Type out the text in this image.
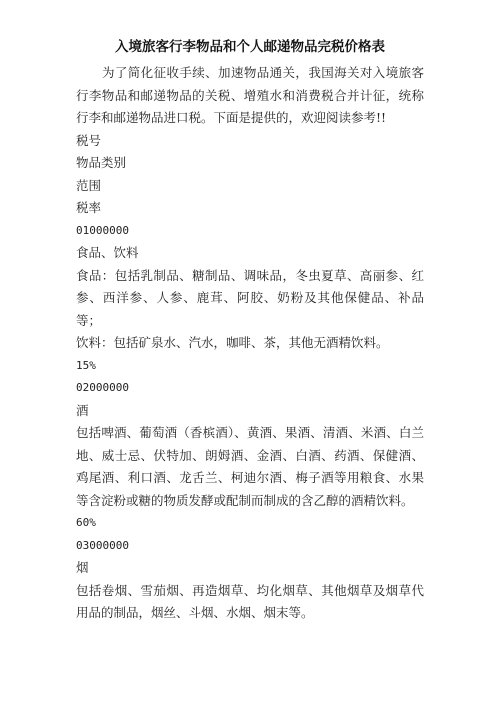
入境旅客行李物品和个人邮递物品完税价格表

为了简化征收手续、加速物品通关，我国海关对入境旅客行李物品和邮递物品的关税、增殖水和消费税合并计征，统称行李和邮递物品进口税。下面是提供的，欢迎阅读参考!!

税号

物品类别

范围

税率

01000000

食品、饮料

食品：包括乳制品、糖制品、调味品，冬虫夏草、高丽参、红参、西洋参、人参、鹿茸、阿胶、奶粉及其他保健品、补品等；

饮料：包括矿泉水、汽水，咖啡、茶，其他无酒精饮料。

15%

02000000

酒

包括啤酒、葡萄酒（香槟酒）、黄酒、果酒、清酒、米酒、白兰地、威士忌、伏特加、朗姆酒、金酒、白酒、药酒、保健酒、鸡尾酒、利口酒、龙舌兰、柯迪尔酒、梅子酒等用粮食、水果等含淀粉或糖的物质发酵或配制而制成的含乙醇的酒精饮料。

60%

03000000

烟

包括卷烟、雪茄烟、再造烟草、均化烟草、其他烟草及烟草代用品的制品，烟丝、斗烟、水烟、烟末等。
